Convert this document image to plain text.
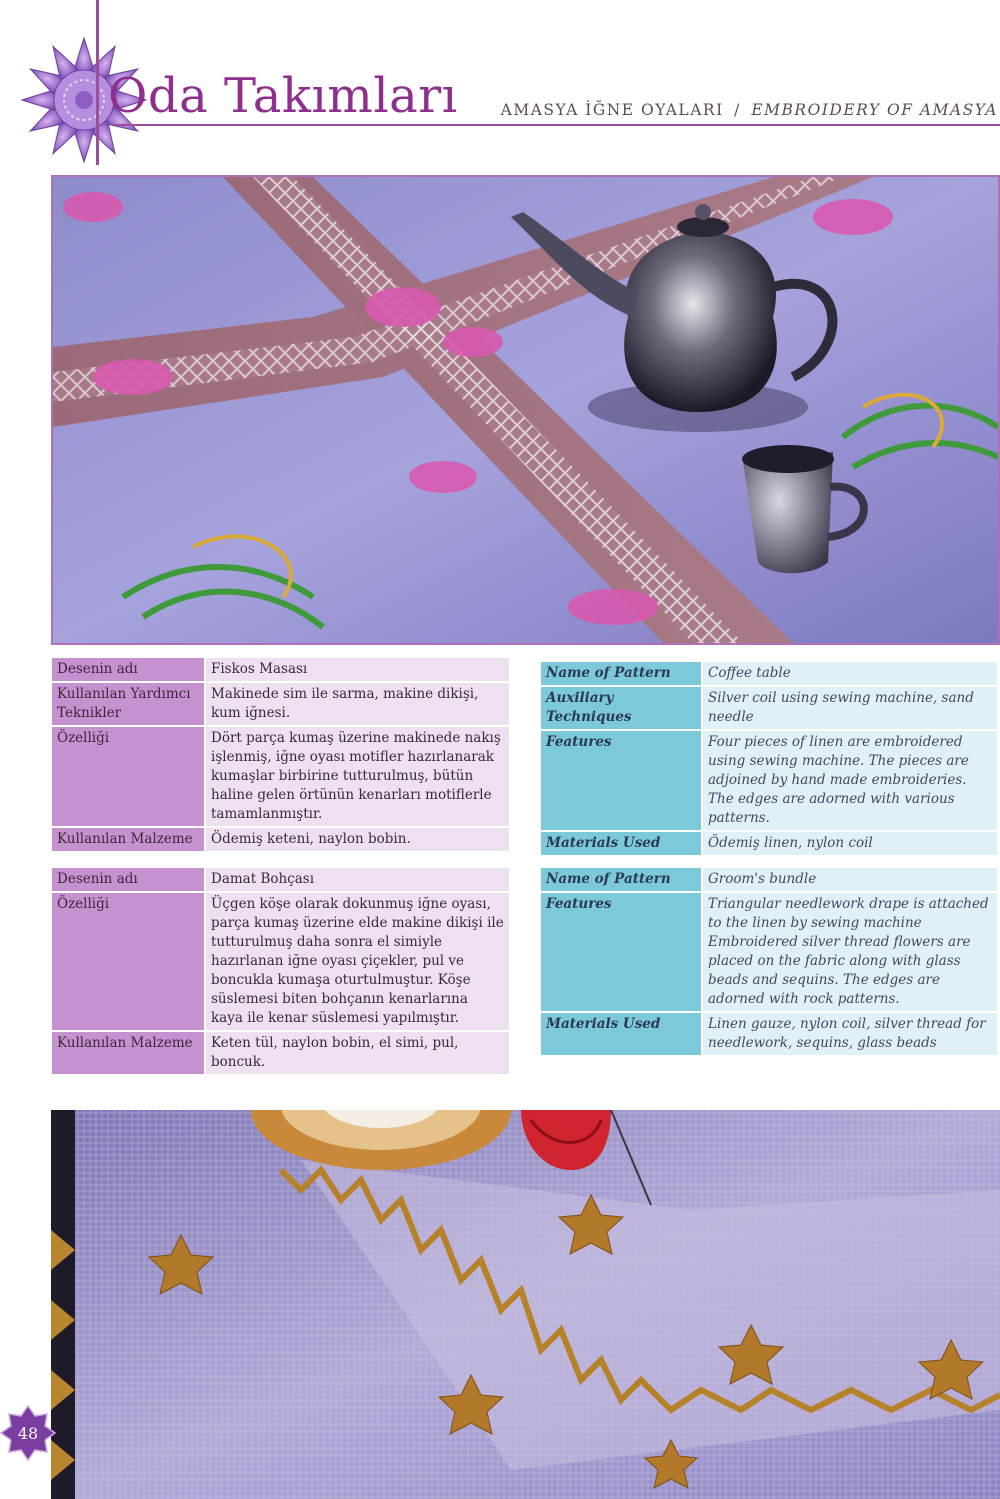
Oda Takımları	AMASYA İĞNE OYALARI / EMBROIDERY OF AMASYA
Desenin adı	Fiskos Masası
Kullanılan Yardımcı Teknikler	Makinede sim ile sarma, makine dikişi, kum iğnesi.
Özelliği	Dört parça kumaş üzerine makinede nakış işlenmiş, iğne oyası motifler hazırlanarak kumaşlar birbirine tutturulmuş, bütün haline gelen örtünün kenarları motiflerle tamamlanmıştır.
Kullanılan Malzeme	Ödemiş keteni, naylon bobin.
Name of Pattern	Coffee table
Auxiliary Techniques	Silver coil using sewing machine, sand needle
Features	Four pieces of linen are embroidered using sewing machine. The pieces are adjoined by hand made embroideries. The edges are adorned with various patterns.
Materials Used	Ödemiş linen, nylon coil
Desenin adı	Damat Bohçası
Özelliği	Üçgen köşe olarak dokunmuş iğne oyası, parça kumaş üzerine elde makine dikişi ile tutturulmuş daha sonra el simiyle hazırlanan iğne oyası çiçekler, pul ve boncukla kumaşa oturtulmuştur. Köşe süslemesi biten bohçanın kenarlarına kaya ile kenar süslemesi yapılmıştır.
Kullanılan Malzeme	Keten tül, naylon bobin, el simi, pul, boncuk.
Name of Pattern	Groom's bundle
Features	Triangular needlework drape is attached to the linen by sewing machine Embroidered silver thread flowers are placed on the fabric along with glass beads and sequins. The edges are adorned with rock patterns.
Materials Used	Linen gauze, nylon coil, silver thread for needlework, sequins, glass beads
48
